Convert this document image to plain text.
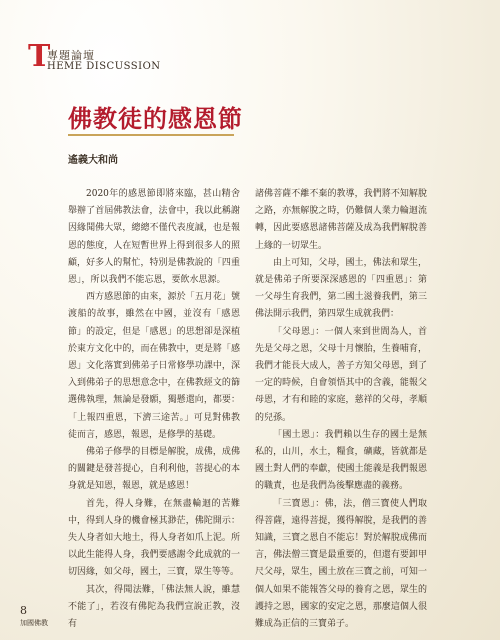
T
專題論壇
HEME DISCUSSION
佛教徒的感恩節
遙義大和尚

2020年的感恩節即將來臨，甚山精舍舉辦了首屆佛教法會，法會中，我以此稱謝因緣聞佛大眾，總總不僅代表度誠，也是報恩的態度，人在短暫世界上得到很多人的照顧，好多人的幫忙，特別是佛教說的「四重恩」，所以我們不能忘恩，要飲水思源。

西方感恩節的由來，源於「五月花」號渡船的故事，雖然在中國，並沒有「感恩節」的設定，但是「感恩」的思想卻是深植於東方文化中的，而在佛教中，更是將「感恩」文化落實到佛弟子日常修學功課中，深入到佛弟子的思想意念中，在佛教經文的篩選佛執理，無論是發願，獨懸還向，都要：「上報四重恩，下濟三途苦。」可見對佛教徒而言，感恩，報恩，是修學的基礎。

佛弟子修學的目標是解脫，成佛，成佛的關鍵是發菩提心，自利利他，菩提心的本身就是知恩，報恩，就是感恩！

首先，得人身難，在無盡輪迴的苦難中，得到人身的機會極其渺茫，佛陀開示：失人身者如大地土，得人身者如爪上泥。所以此生能得人身，我們要感謝令此成就的一切因緣，如父母，國土，三寶，眾生等等。

其次，得聞法難，「佛法無人說，雖慧不能了」，若沒有佛陀為我們宣說正教，沒有

諸佛菩薩不離不棄的教導，我們將不知解脫之路，亦無解脫之時，仍難個人業力輪迴流轉，因此要感恩諸佛菩薩及成為我們解脫善上緣的一切眾生。

由上可知，父母，國土，佛法和眾生，就是佛弟子所要深深感恩的「四重恩」：第一父母生育我們，第二國土滋養我們，第三佛法開示我們，第四眾生成就我們：

「父母恩」：一個人來到世間為人，首先是父母之恩，父母十月懷胎，生養哺育，我們才能長大成人，善子方知父母恩，到了一定的時候，自會領悟其中的含義，能報父母恩，才有和睦的家庭，慈祥的父母，孝順的兒孫。

「國土恩」：我們賴以生存的國土是無私的，山川，水土，糧食，礦藏，皆就都是國土對人們的奉獻，使國土能義是我們報恩的職責，也是我們為後擊應盡的義務。

「三寶恩」：佛，法，僧三寶使人們取得菩薩，遠得菩提，獲得解脫，是我們的善知識，三寶之恩自不能忘！對於解脫成佛而言，佛法僧三寶是最重要的，但還有要卸甲尺父母，眾生，國土放在三寶之前，可知一個人如果不能報答父母的養育之恩，眾生的護持之恩，國家的安定之恩，那麼這個人很難成為正信的三寶弟子。

8
加國佛教
